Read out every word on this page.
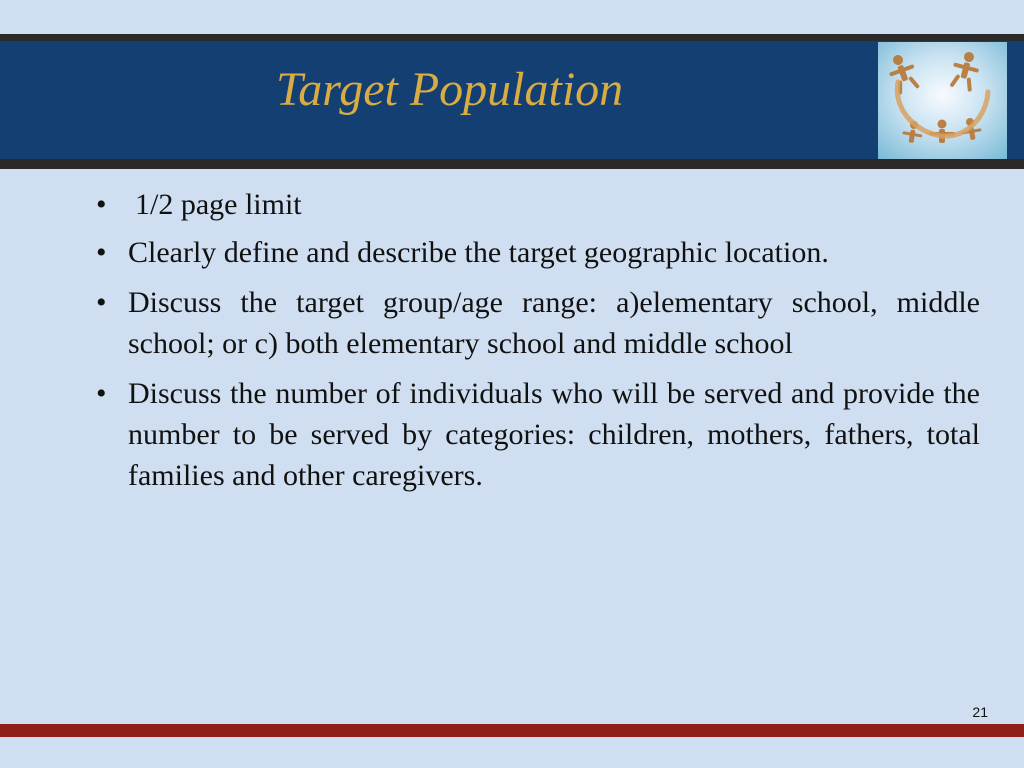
Target Population
• 1/2 page limit
• Clearly define and describe the target geographic location.
• Discuss the target group/age range: a)elementary school, middle school; or c) both elementary school and middle school
• Discuss the number of individuals who will be served and provide the number to be served by categories: children, mothers, fathers, total families and other caregivers.
21
